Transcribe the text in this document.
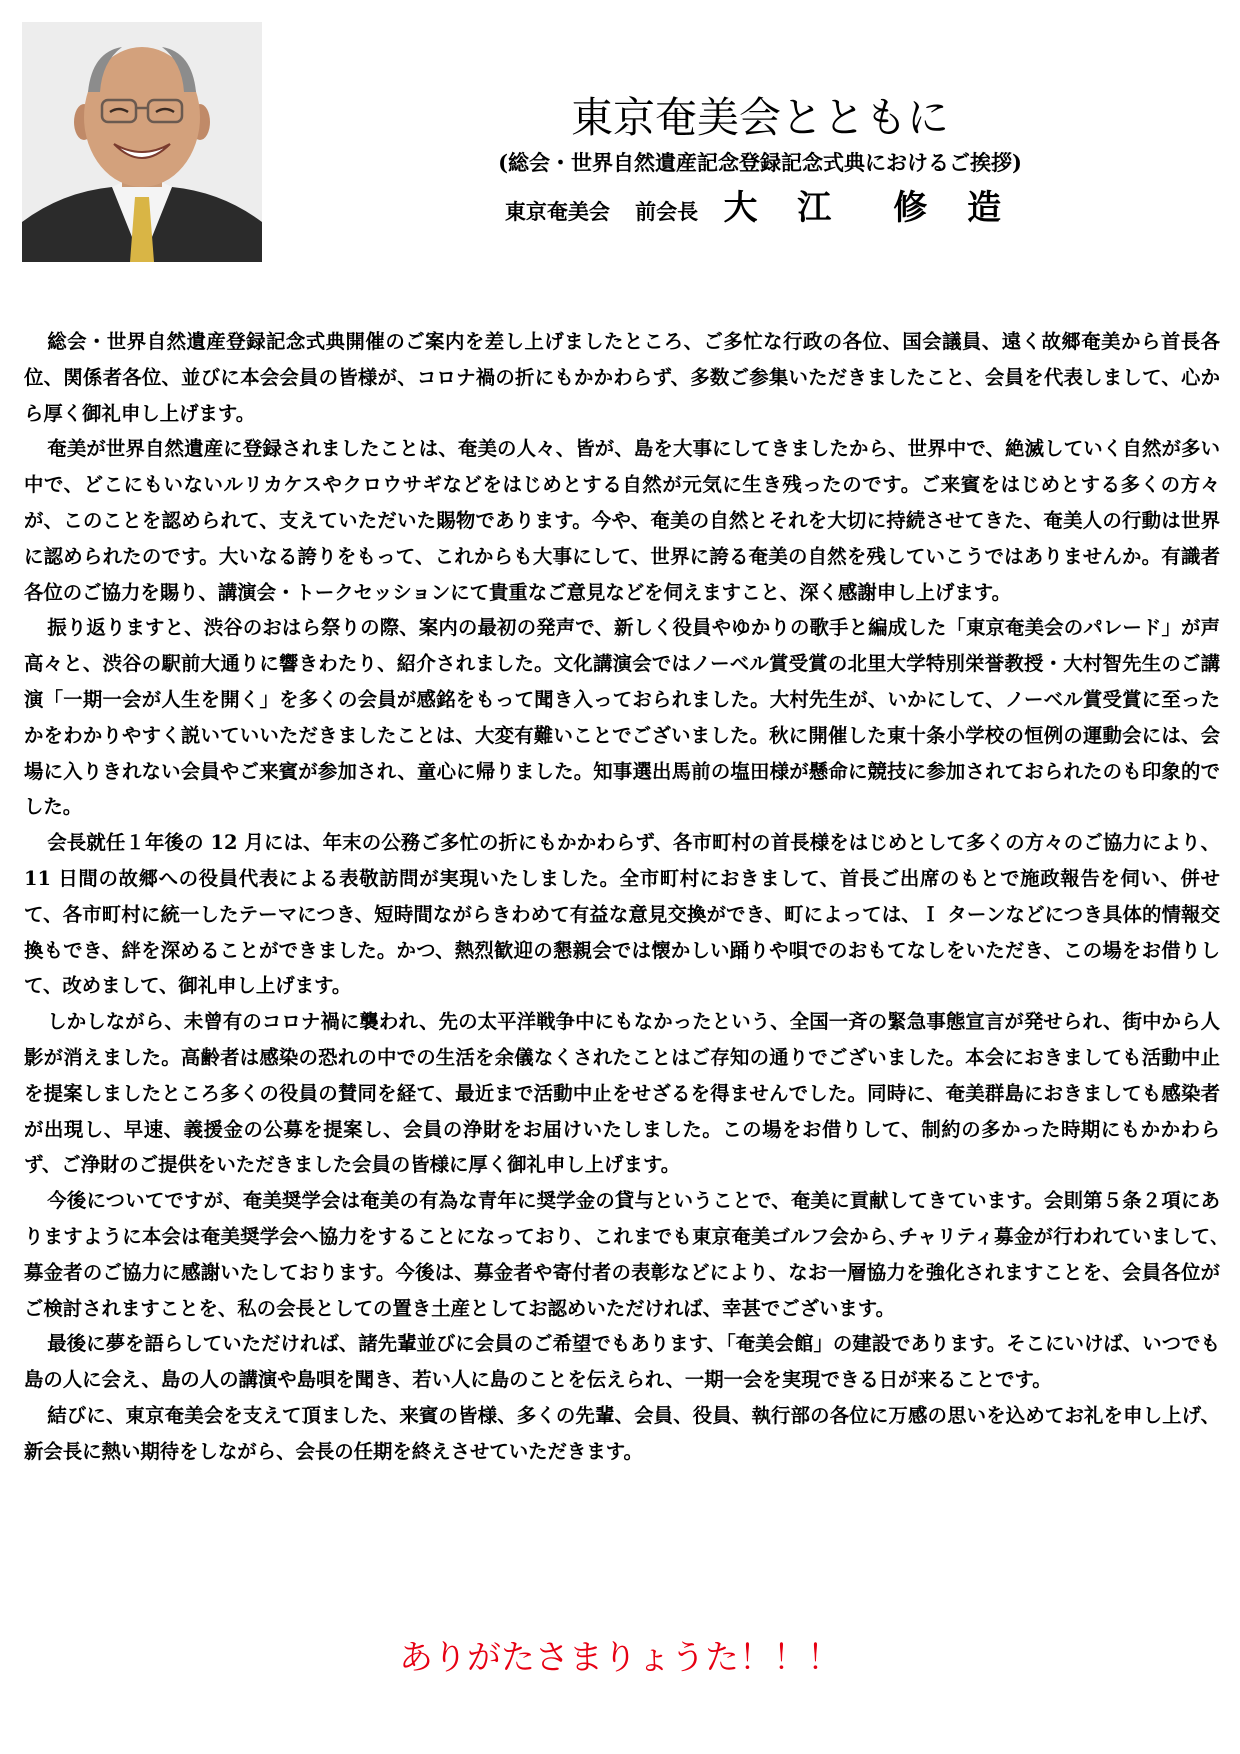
東京奄美会とともに
(総会・世界自然遺産記念登録記念式典におけるご挨拶)
東京奄美会 前会長 大 江　修 造

総会・世界自然遺産登録記念式典開催のご案内を差し上げましたところ、ご多忙な行政の各位、国会議員、遠く故郷奄美から首長各位、関係者各位、並びに本会会員の皆様が、コロナ禍の折にもかかわらず、多数ご参集いただきましたこと、会員を代表しまして、心から厚く御礼申し上げます。

奄美が世界自然遺産に登録されましたことは、奄美の人々、皆が、島を大事にしてきましたから、世界中で、絶滅していく自然が多い中で、どこにもいないルリカケスやクロウサギなどをはじめとする自然が元気に生き残ったのです。ご来賓をはじめとする多くの方々が、このことを認められて、支えていただいた賜物であります。今や、奄美の自然とそれを大切に持続させてきた、奄美人の行動は世界に認められたのです。大いなる誇りをもって、これからも大事にして、世界に誇る奄美の自然を残していこうではありませんか。有識者各位のご協力を賜り、講演会・トークセッションにて貴重なご意見などを伺えますこと、深く感謝申し上げます。

振り返りますと、渋谷のおはら祭りの際、案内の最初の発声で、新しく役員やゆかりの歌手と編成した「東京奄美会のパレード」が声高々と、渋谷の駅前大通りに響きわたり、紹介されました。文化講演会ではノーベル賞受賞の北里大学特別栄誉教授・大村智先生のご講演「一期一会が人生を開く」を多くの会員が感銘をもって聞き入っておられました。大村先生が、いかにして、ノーベル賞受賞に至ったかをわかりやすく説いていいただきましたことは、大変有難いことでございました。秋に開催した東十条小学校の恒例の運動会には、会場に入りきれない会員やご来賓が参加され、童心に帰りました。知事選出馬前の塩田様が懸命に競技に参加されておられたのも印象的でした。

会長就任１年後の 12 月には、年末の公務ご多忙の折にもかかわらず、各市町村の首長様をはじめとして多くの方々のご協力により、11 日間の故郷への役員代表による表敬訪問が実現いたしました。全市町村におきまして、首長ご出席のもとで施政報告を伺い、併せて、各市町村に統一したテーマにつき、短時間ながらきわめて有益な意見交換ができ、町によっては、Ｉ ターンなどにつき具体的情報交換もでき、絆を深めることができました。かつ、熱烈歓迎の懇親会では懐かしい踊りや唄でのおもてなしをいただき、この場をお借りして、改めまして、御礼申し上げます。

しかしながら、未曾有のコロナ禍に襲われ、先の太平洋戦争中にもなかったという、全国一斉の緊急事態宣言が発せられ、街中から人影が消えました。高齢者は感染の恐れの中での生活を余儀なくされたことはご存知の通りでございました。本会におきましても活動中止を提案しましたところ多くの役員の賛同を経て、最近まで活動中止をせざるを得ませんでした。同時に、奄美群島におきましても感染者が出現し、早速、義援金の公募を提案し、会員の浄財をお届けいたしました。この場をお借りして、制約の多かった時期にもかかわらず、ご浄財のご提供をいただきました会員の皆様に厚く御礼申し上げます。

今後についてですが、奄美奨学会は奄美の有為な青年に奨学金の貸与ということで、奄美に貢献してきています。会則第５条２項にありますように本会は奄美奨学会へ協力をすることになっており、これまでも東京奄美ゴルフ会から､チャリティ募金が行われていまして､募金者のご協力に感謝いたしております。今後は、募金者や寄付者の表彰などにより、なお一層協力を強化されますことを、会員各位がご検討されますことを、私の会長としての置き土産としてお認めいただければ、幸甚でございます。

最後に夢を語らしていただければ、諸先輩並びに会員のご希望でもあります、「奄美会館」の建設であります。そこにいけば、いつでも島の人に会え、島の人の講演や島唄を聞き、若い人に島のことを伝えられ、一期一会を実現できる日が来ることです。

結びに、東京奄美会を支えて頂ました、来賓の皆様、多くの先輩、会員、役員、執行部の各位に万感の思いを込めてお礼を申し上げ、新会長に熱い期待をしながら、会長の任期を終えさせていただきます。

ありがたさまりょうた！！！
